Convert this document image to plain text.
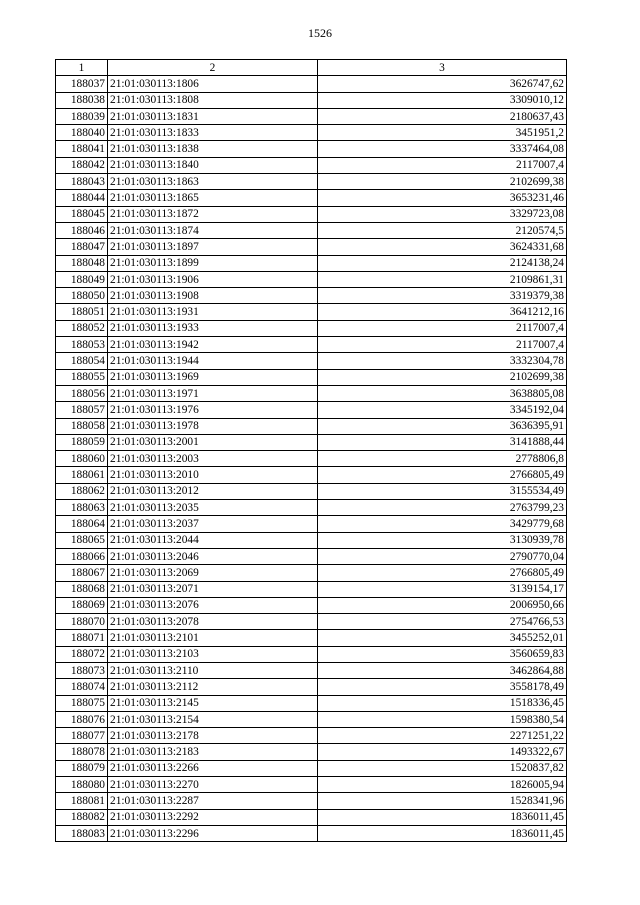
1526
1	2	3
188037	21:01:030113:1806	3626747,62
188038	21:01:030113:1808	3309010,12
188039	21:01:030113:1831	2180637,43
188040	21:01:030113:1833	3451951,2
188041	21:01:030113:1838	3337464,08
188042	21:01:030113:1840	2117007,4
188043	21:01:030113:1863	2102699,38
188044	21:01:030113:1865	3653231,46
188045	21:01:030113:1872	3329723,08
188046	21:01:030113:1874	2120574,5
188047	21:01:030113:1897	3624331,68
188048	21:01:030113:1899	2124138,24
188049	21:01:030113:1906	2109861,31
188050	21:01:030113:1908	3319379,38
188051	21:01:030113:1931	3641212,16
188052	21:01:030113:1933	2117007,4
188053	21:01:030113:1942	2117007,4
188054	21:01:030113:1944	3332304,78
188055	21:01:030113:1969	2102699,38
188056	21:01:030113:1971	3638805,08
188057	21:01:030113:1976	3345192,04
188058	21:01:030113:1978	3636395,91
188059	21:01:030113:2001	3141888,44
188060	21:01:030113:2003	2778806,8
188061	21:01:030113:2010	2766805,49
188062	21:01:030113:2012	3155534,49
188063	21:01:030113:2035	2763799,23
188064	21:01:030113:2037	3429779,68
188065	21:01:030113:2044	3130939,78
188066	21:01:030113:2046	2790770,04
188067	21:01:030113:2069	2766805,49
188068	21:01:030113:2071	3139154,17
188069	21:01:030113:2076	2006950,66
188070	21:01:030113:2078	2754766,53
188071	21:01:030113:2101	3455252,01
188072	21:01:030113:2103	3560659,83
188073	21:01:030113:2110	3462864,88
188074	21:01:030113:2112	3558178,49
188075	21:01:030113:2145	1518336,45
188076	21:01:030113:2154	1598380,54
188077	21:01:030113:2178	2271251,22
188078	21:01:030113:2183	1493322,67
188079	21:01:030113:2266	1520837,82
188080	21:01:030113:2270	1826005,94
188081	21:01:030113:2287	1528341,96
188082	21:01:030113:2292	1836011,45
188083	21:01:030113:2296	1836011,45
